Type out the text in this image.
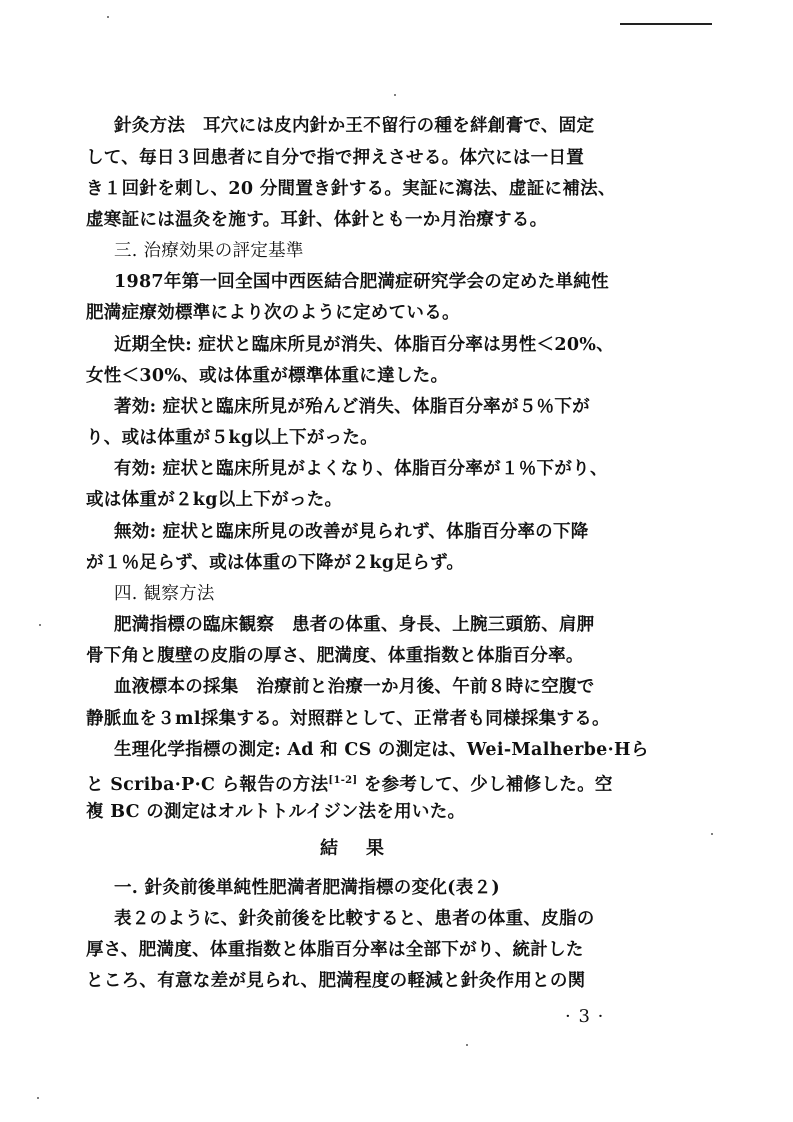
針灸方法　耳穴には皮内針か王不留行の種を絆創膏で、固定
して、毎日３回患者に自分で指で押えさせる。体穴には一日置
き１回針を刺し、20 分間置き針する。実証に瀉法、虚証に補法、
虚寒証には温灸を施す。耳針、体針とも一か月治療する。
三. 治療効果の評定基準
1987年第一回全国中西医結合肥満症研究学会の定めた単純性
肥満症療効標準により次のように定めている。
近期全快: 症状と臨床所見が消失、体脂百分率は男性＜20%、
女性＜30%、或は体重が標準体重に達した。
著効: 症状と臨床所見が殆んど消失、体脂百分率が５％下が
り、或は体重が５kg以上下がった。
有効: 症状と臨床所見がよくなり、体脂百分率が１％下がり、
或は体重が２kg以上下がった。
無効: 症状と臨床所見の改善が見られず、体脂百分率の下降
が１％足らず、或は体重の下降が２kg足らず。
四. 観察方法
肥満指標の臨床観察　患者の体重、身長、上腕三頭筋、肩胛
骨下角と腹壁の皮脂の厚さ、肥満度、体重指数と体脂百分率。
血液標本の採集　治療前と治療一か月後、午前８時に空腹で
静脈血を３ml採集する。対照群として、正常者も同様採集する。
生理化学指標の測定: Ad 和 CS の測定は、Wei-Malherbe·Hら
と Scriba·P·C ら報告の方法[1-2] を参考して、少し補修した。空
複 BC の測定はオルトトルイジン法を用いた。
結果
一. 針灸前後単純性肥満者肥満指標の変化(表２)
表２のように、針灸前後を比較すると、患者の体重、皮脂の
厚さ、肥満度、体重指数と体脂百分率は全部下がり、統計した
ところ、有意な差が見られ、肥満程度の軽減と針灸作用との関
· 3 ·
